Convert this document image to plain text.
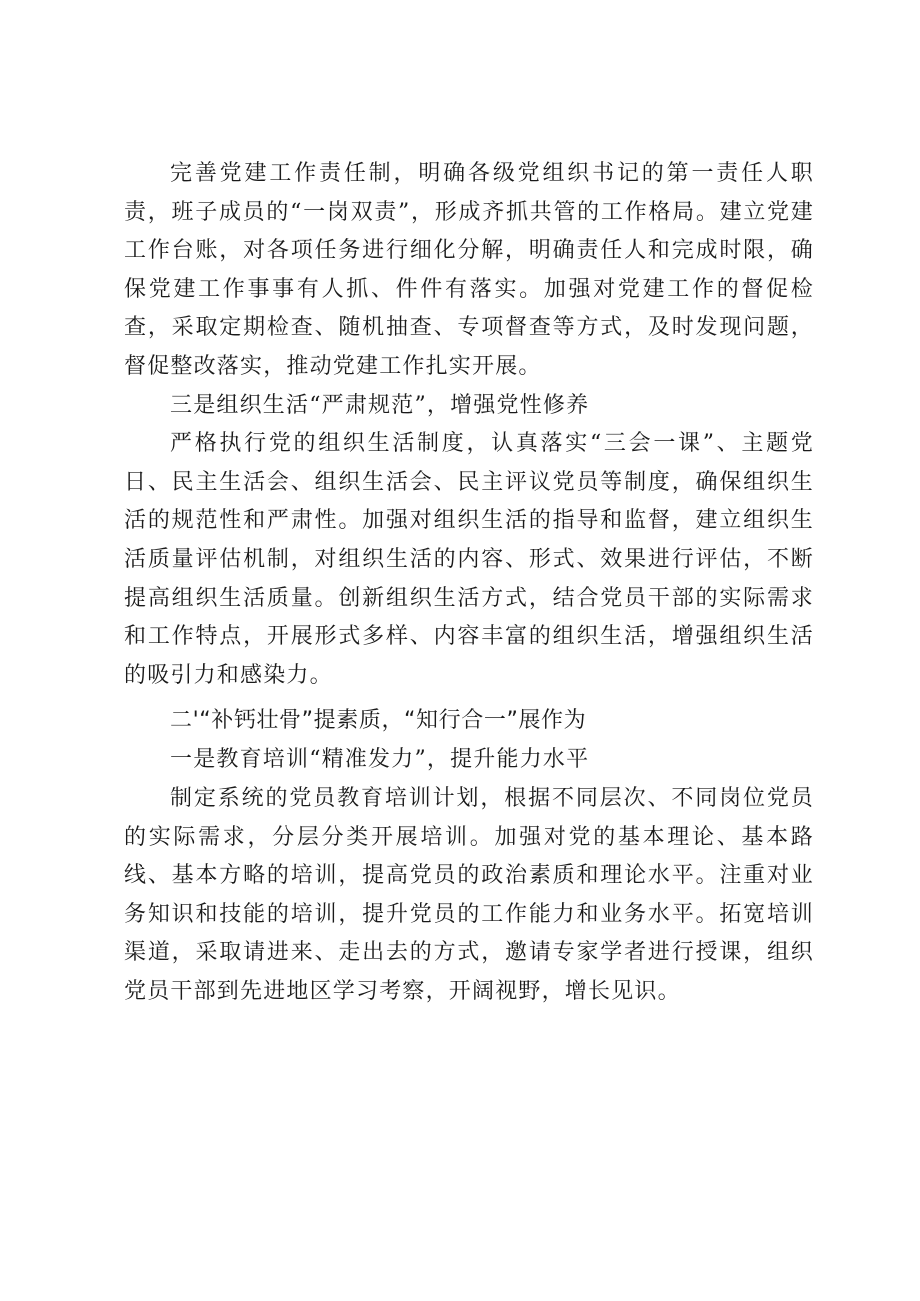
完善党建工作责任制，明确各级党组织书记的第一责任人职责，班子成员的“一岗双责”，形成齐抓共管的工作格局。建立党建工作台账，对各项任务进行细化分解，明确责任人和完成时限，确保党建工作事事有人抓、件件有落实。加强对党建工作的督促检查，采取定期检查、随机抽查、专项督查等方式，及时发现问题，督促整改落实，推动党建工作扎实开展。

三是组织生活“严肃规范”，增强党性修养

严格执行党的组织生活制度，认真落实“三会一课”、主题党日、民主生活会、组织生活会、民主评议党员等制度，确保组织生活的规范性和严肃性。加强对组织生活的指导和监督，建立组织生活质量评估机制，对组织生活的内容、形式、效果进行评估，不断提高组织生活质量。创新组织生活方式，结合党员干部的实际需求和工作特点，开展形式多样、内容丰富的组织生活，增强组织生活的吸引力和感染力。

二'“补钙壮骨”提素质，“知行合一”展作为

一是教育培训“精准发力”，提升能力水平

制定系统的党员教育培训计划，根据不同层次、不同岗位党员的实际需求，分层分类开展培训。加强对党的基本理论、基本路线、基本方略的培训，提高党员的政治素质和理论水平。注重对业务知识和技能的培训，提升党员的工作能力和业务水平。拓宽培训渠道，采取请进来、走出去的方式，邀请专家学者进行授课，组织党员干部到先进地区学习考察，开阔视野，增长见识。
